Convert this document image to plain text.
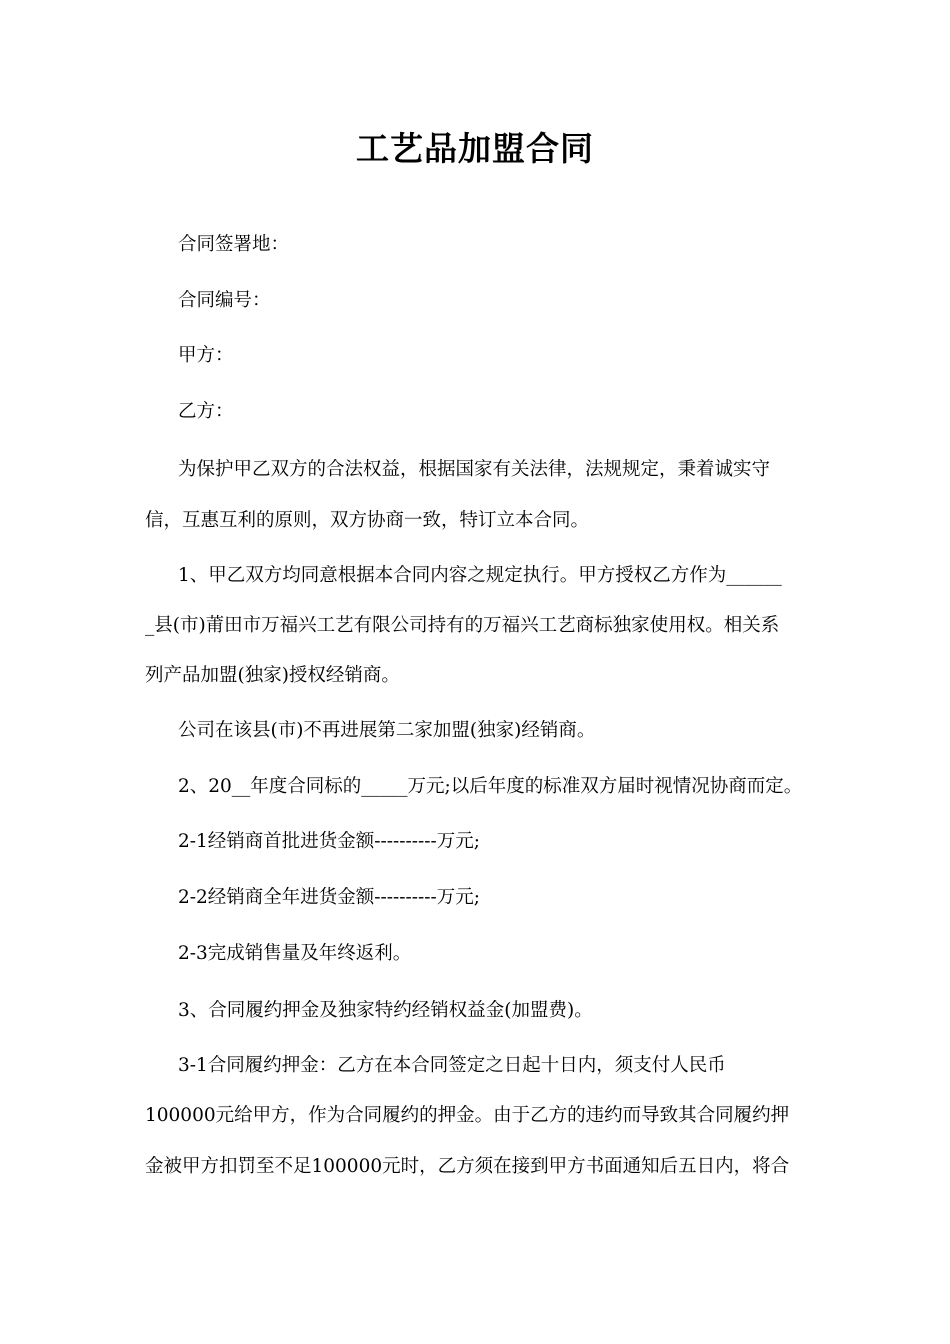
工艺品加盟合同
合同签署地：
合同编号：
甲方：
乙方：
为保护甲乙双方的合法权益，根据国家有关法律，法规规定，秉着诚实守
信，互惠互利的原则，双方协商一致，特订立本合同。
1、甲乙双方均同意根据本合同内容之规定执行。甲方授权乙方作为______
_县(市)莆田市万福兴工艺有限公司持有的万福兴工艺商标独家使用权。相关系
列产品加盟(独家)授权经销商。
公司在该县(市)不再进展第二家加盟(独家)经销商。
2、20__年度合同标的_____万元;以后年度的标准双方届时视情况协商而定。
2-1经销商首批进货金额----------万元;
2-2经销商全年进货金额----------万元;
2-3完成销售量及年终返利。
3、合同履约押金及独家特约经销权益金(加盟费)。
3-1合同履约押金：乙方在本合同签定之日起十日内，须支付人民币
100000元给甲方，作为合同履约的押金。由于乙方的违约而导致其合同履约押
金被甲方扣罚至不足100000元时，乙方须在接到甲方书面通知后五日内，将合
